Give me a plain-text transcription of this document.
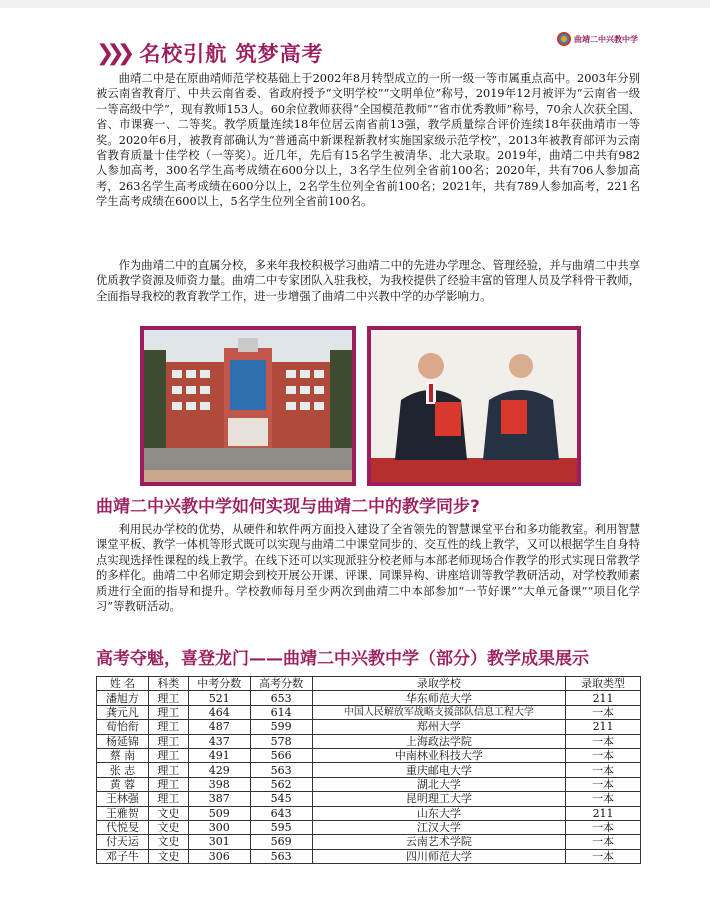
曲靖二中兴教中学
❯❯❯ 名校引航 筑梦高考

曲靖二中是在原曲靖师范学校基础上于2002年8月转型成立的一所一级一等市属重点高中。2003年分别被云南省教育厅、中共云南省委、省政府授予“文明学校”“文明单位”称号，2019年12月被评为“云南省一级一等高级中学”，现有教师153人。60余位教师获得“全国模范教师”“省市优秀教师”称号，70余人次获全国、省、市课赛一、二等奖。教学质量连续18年位居云南省前13强，教学质量综合评价连续18年获曲靖市一等奖。2020年6月，被教育部确认为“普通高中新课程新教材实施国家级示范学校”，2013年被教育部评为云南省教育质量十佳学校（一等奖）。近几年，先后有15名学生被清华、北大录取。2019年，曲靖二中共有982人参加高考，300名学生高考成绩在600分以上，3名学生位列全省前100名；2020年，共有706人参加高考，263名学生高考成绩在600分以上，2名学生位列全省前100名；2021年，共有789人参加高考，221名学生高考成绩在600以上，5名学生位列全省前100名。

作为曲靖二中的直属分校，多来年我校积极学习曲靖二中的先进办学理念、管理经验，并与曲靖二中共享优质教学资源及师资力量。曲靖二中专家团队入驻我校，为我校提供了经验丰富的管理人员及学科骨干教师，全面指导我校的教育教学工作，进一步增强了曲靖二中兴教中学的办学影响力。

曲靖二中兴教中学如何实现与曲靖二中的教学同步?

利用民办学校的优势，从硬件和软件两方面投入建设了全省领先的智慧课堂平台和多功能教室。利用智慧课堂平板、教学一体机等形式既可以实现与曲靖二中课堂同步的、交互性的线上教学，又可以根据学生自身特点实现选择性课程的线上教学。在线下还可以实现派驻分校老师与本部老师现场合作教学的形式实现日常教学的多样化。曲靖二中名师定期会到校开展公开课、评课、同课异构、讲座培训等教学教研活动，对学校教师素质进行全面的指导和提升。学校教师每月至少两次到曲靖二中本部参加“一节好课”“大单元备课”“项目化学习”等教研活动。

高考夺魁，喜登龙门——曲靖二中兴教中学（部分）教学成果展示
姓 名	科类	中考分数	高考分数	录取学校	录取类型
潘旭方	理工	521	653	华东师范大学	211
龚元凡	理工	464	614	中国人民解放军战略支援部队信息工程大学	一本
荀怡衔	理工	487	599	郑州大学	211
杨延锦	理工	437	578	上海政法学院	一本
蔡 南	理工	491	566	中南林业科技大学	一本
张 志	理工	429	563	重庆邮电大学	一本
黄 蓉	理工	398	562	湖北大学	一本
王林强	理工	387	545	昆明理工大学	一本
王雅贺	文史	509	643	山东大学	211
代悦旻	文史	300	595	江汉大学	一本
付天运	文史	301	569	云南艺术学院	一本
邓子牛	文史	306	563	四川师范大学	一本
